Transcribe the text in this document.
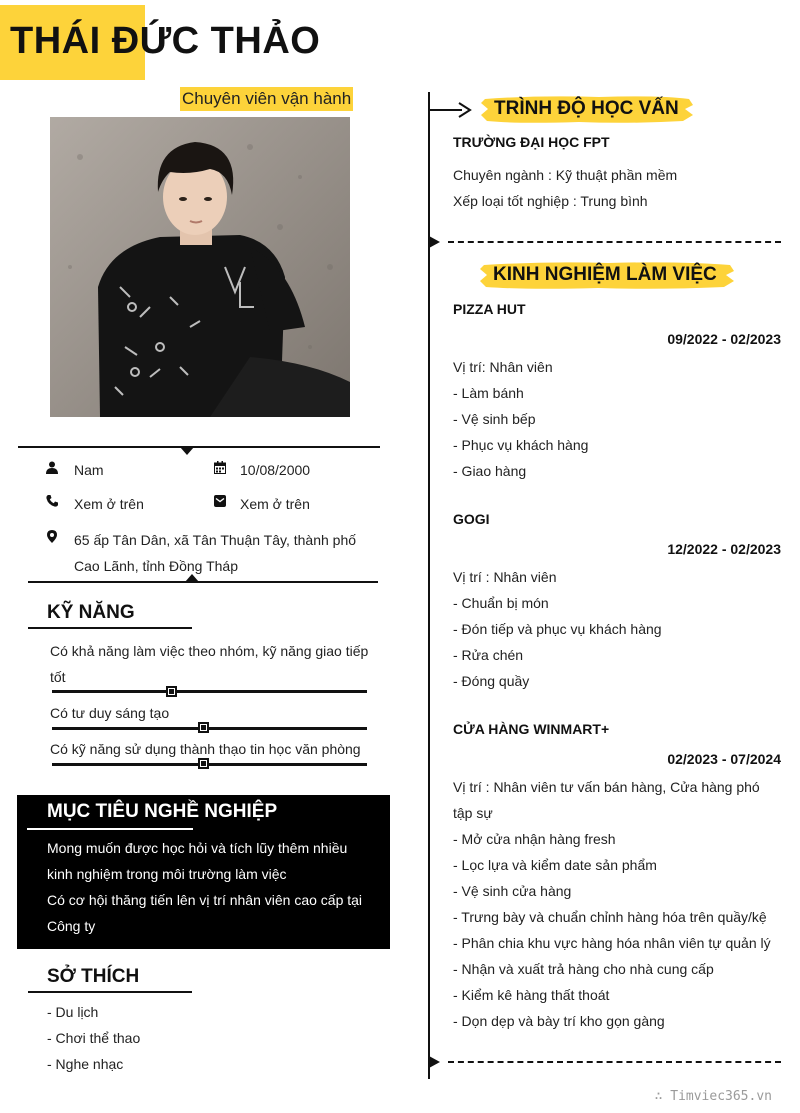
THÁI ĐỨC THẢO
Chuyên viên vận hành
Nam	10/08/2000
Xem ở trên	Xem ở trên
65 ấp Tân Dân, xã Tân Thuận Tây, thành phố Cao Lãnh, tỉnh Đồng Tháp
KỸ NĂNG
Có khả năng làm việc theo nhóm, kỹ năng giao tiếp tốt
Có tư duy sáng tạo
Có kỹ năng sử dụng thành thạo tin học văn phòng
MỤC TIÊU NGHỀ NGHIỆP
Mong muốn được học hỏi và tích lũy thêm nhiều kinh nghiệm trong môi trường làm việc
Có cơ hội thăng tiến lên vị trí nhân viên cao cấp tại Công ty
SỞ THÍCH
- Du lịch
- Chơi thể thao
- Nghe nhạc
TRÌNH ĐỘ HỌC VẤN
TRƯỜNG ĐẠI HỌC FPT
Chuyên ngành : Kỹ thuật phần mềm
Xếp loại tốt nghiệp : Trung bình
KINH NGHIỆM LÀM VIỆC
PIZZA HUT
09/2022 - 02/2023
Vị trí: Nhân viên
- Làm bánh
- Vệ sinh bếp
- Phục vụ khách hàng
- Giao hàng
GOGI
12/2022 - 02/2023
Vị trí : Nhân viên
- Chuẩn bị món
- Đón tiếp và phục vụ khách hàng
- Rửa chén
- Đóng quầy
CỬA HÀNG WINMART+
02/2023 - 07/2024
Vị trí : Nhân viên tư vấn bán hàng, Cửa hàng phó tập sự
- Mở cửa nhận hàng fresh
- Lọc lựa và kiểm date sản phẩm
- Vệ sinh cửa hàng
- Trưng bày và chuẩn chỉnh hàng hóa trên quầy/kệ
- Phân chia khu vực hàng hóa nhân viên tự quản lý
- Nhận và xuất trả hàng cho nhà cung cấp
- Kiểm kê hàng thất thoát
- Dọn dẹp và bày trí kho gọn gàng
∴ Timviec365.vn
